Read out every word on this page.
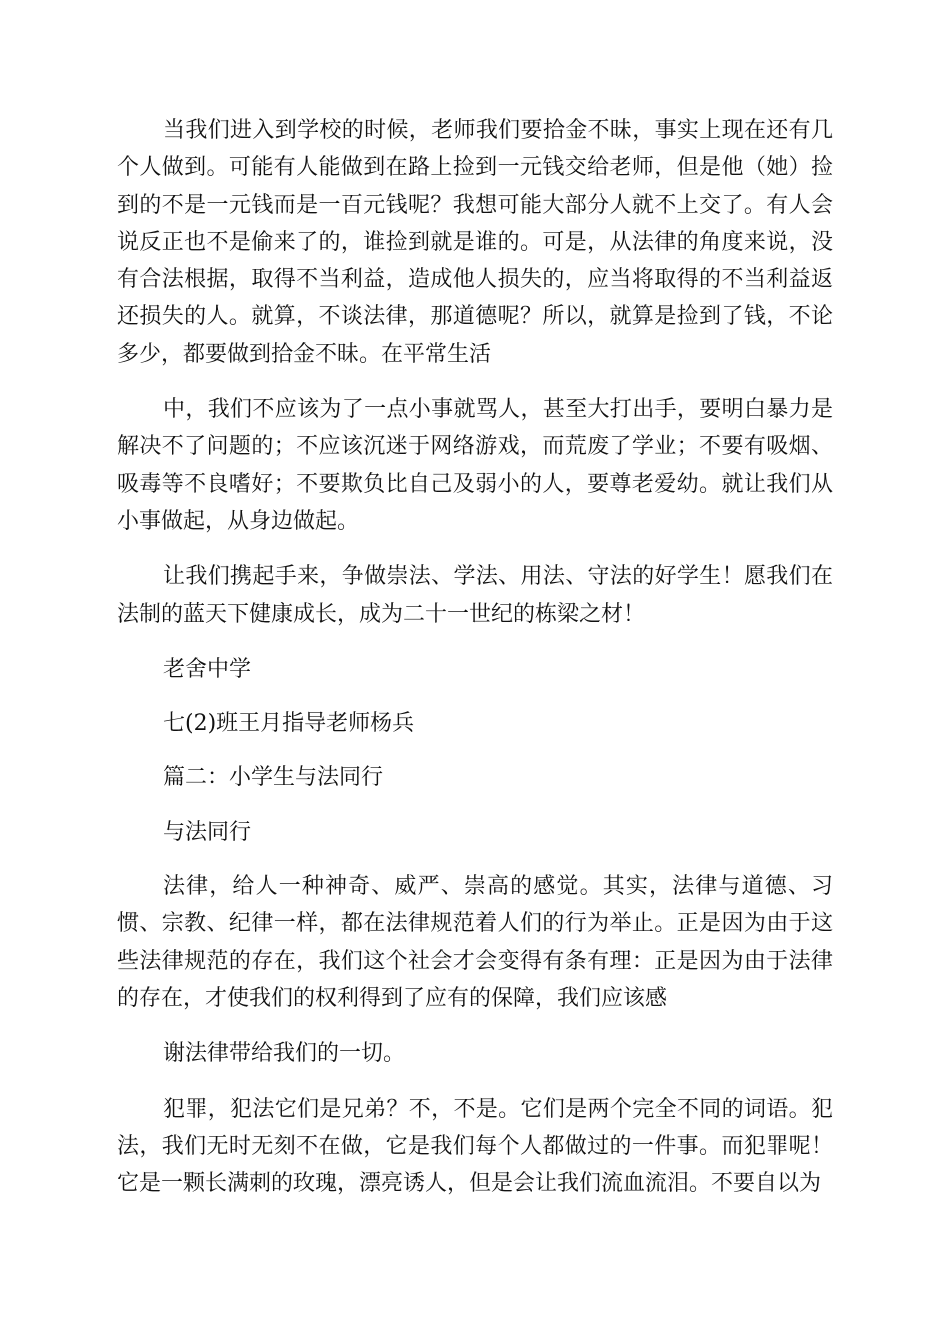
当我们进入到学校的时候，老师我们要拾金不昧，事实上现在还有几个人做到。可能有人能做到在路上捡到一元钱交给老师，但是他（她）捡到的不是一元钱而是一百元钱呢？我想可能大部分人就不上交了。有人会说反正也不是偷来了的，谁捡到就是谁的。可是，从法律的角度来说，没有合法根据，取得不当利益，造成他人损失的，应当将取得的不当利益返还损失的人。就算，不谈法律，那道德呢？所以，就算是捡到了钱，不论多少，都要做到拾金不昧。在平常生活

中，我们不应该为了一点小事就骂人，甚至大打出手，要明白暴力是解决不了问题的；不应该沉迷于网络游戏，而荒废了学业；不要有吸烟、吸毒等不良嗜好；不要欺负比自己及弱小的人，要尊老爱幼。就让我们从小事做起，从身边做起。

让我们携起手来，争做崇法、学法、用法、守法的好学生！愿我们在法制的蓝天下健康成长，成为二十一世纪的栋梁之材！

老舍中学

七(2)班王月指导老师杨兵

篇二：小学生与法同行

与法同行

法律，给人一种神奇、威严、崇高的感觉。其实，法律与道德、习惯、宗教、纪律一样，都在法律规范着人们的行为举止。正是因为由于这些法律规范的存在，我们这个社会才会变得有条有理：正是因为由于法律的存在，才使我们的权利得到了应有的保障，我们应该感

谢法律带给我们的一切。

犯罪，犯法它们是兄弟？不，不是。它们是两个完全不同的词语。犯法，我们无时无刻不在做，它是我们每个人都做过的一件事。而犯罪呢！它是一颗长满刺的玫瑰，漂亮诱人，但是会让我们流血流泪。不要自以为
